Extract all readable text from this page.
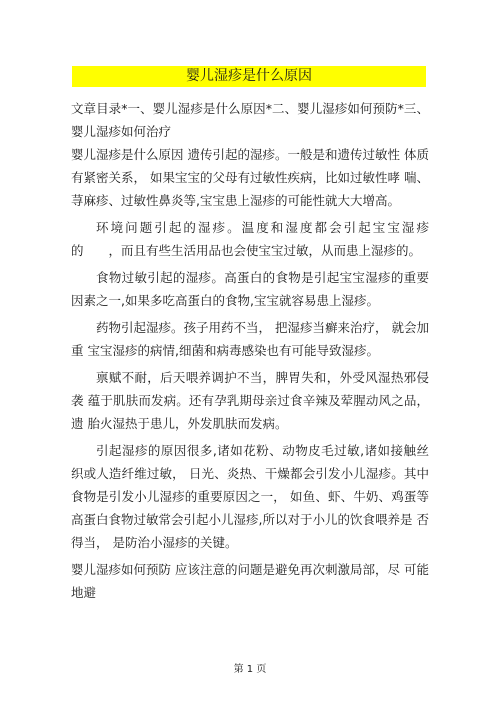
婴儿湿疹是什么原因

文章目录*一、婴儿湿疹是什么原因*二、婴儿湿疹如何预防*三、 婴儿湿疹如何治疗

婴儿湿疹是什么原因 遗传引起的湿疹。一般是和遗传过敏性 体质有紧密关系， 如果宝宝的父母有过敏性疾病，比如过敏性哮 喘、荨麻疹、过敏性鼻炎等,宝宝患上湿疹的可能性就大大增高。

环境问题引起的湿疹。温度和湿度都会引起宝宝湿疹的　　，而且有些生活用品也会使宝宝过敏，从而患上湿疹的。

食物过敏引起的湿疹。高蛋白的食物是引起宝宝湿疹的重要 因素之一,如果多吃高蛋白的食物,宝宝就容易患上湿疹。

药物引起湿疹。孩子用药不当， 把湿疹当癣来治疗， 就会加重 宝宝湿疹的病情,细菌和病毒感染也有可能导致湿疹。

禀赋不耐，后天喂养调护不当，脾胃失和，外受风湿热邪侵袭 蕴于肌肤而发病。还有孕乳期母亲过食辛辣及荤腥动风之品， 遗 胎火湿热于患儿，外发肌肤而发病。

引起湿疹的原因很多,诸如花粉、动物皮毛过敏,诸如接触丝 织或人造纤维过敏， 日光、炎热、干燥都会引发小儿湿疹。其中 食物是引发小儿湿疹的重要原因之一， 如鱼、虾、牛奶、鸡蛋等 高蛋白食物过敏常会引起小儿湿疹,所以对于小儿的饮食喂养是 否得当， 是防治小湿疹的关键。

婴儿湿疹如何预防 应该注意的问题是避免再次刺激局部，尽 可能地避

第 1 页
